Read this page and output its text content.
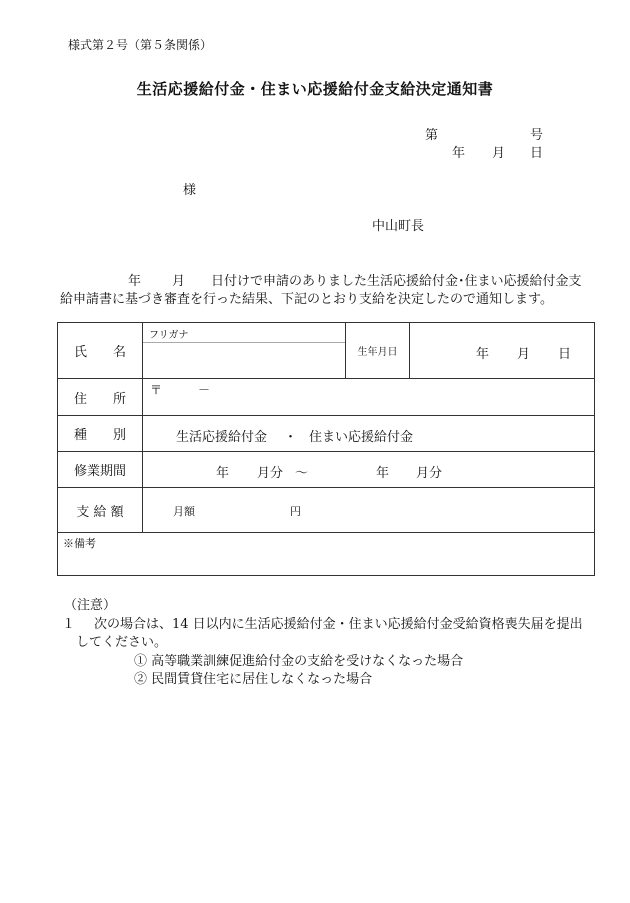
様式第２号（第５条関係）
生活応援給付金・住まい応援給付金支給決定通知書
第	号
年 月 日
様
中山町長
年 月 日付けで申請のありました生活応援給付金･住まい応援給付金支
給申請書に基づき審査を行った結果、下記のとおり支給を決定したので通知します。
氏　　名	フリガナ	生年月日	年 月 日

住　　所	〒 －		

種　　別	生活応援給付金 ・ 住まい応援給付金		

修業期間	年 月分 ～ 年 月分		

支 給 額	月額 円		

※備考			
（注意）
１ 次の場合は、14 日以内に生活応援給付金・住まい応援給付金受給資格喪失届を提出
してください。
① 高等職業訓練促進給付金の支給を受けなくなった場合
② 民間賃貸住宅に居住しなくなった場合
